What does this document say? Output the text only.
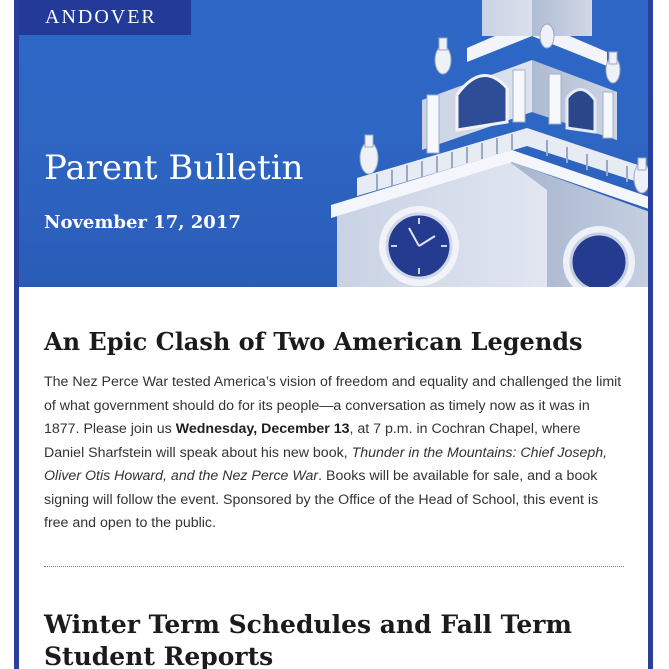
ANDOVER
Parent Bulletin
November 17, 2017
An Epic Clash of Two American Legends

The Nez Perce War tested America’s vision of freedom and equality and challenged the limit of what government should do for its people—a conversation as timely now as it was in 1877. Please join us Wednesday, December 13, at 7 p.m. in Cochran Chapel, where Daniel Sharfstein will speak about his new book, Thunder in the Mountains: Chief Joseph, Oliver Otis Howard, and the Nez Perce War. Books will be available for sale, and a book signing will follow the event. Sponsored by the Office of the Head of School, this event is free and open to the public.

Winter Term Schedules and Fall Term Student Reports
